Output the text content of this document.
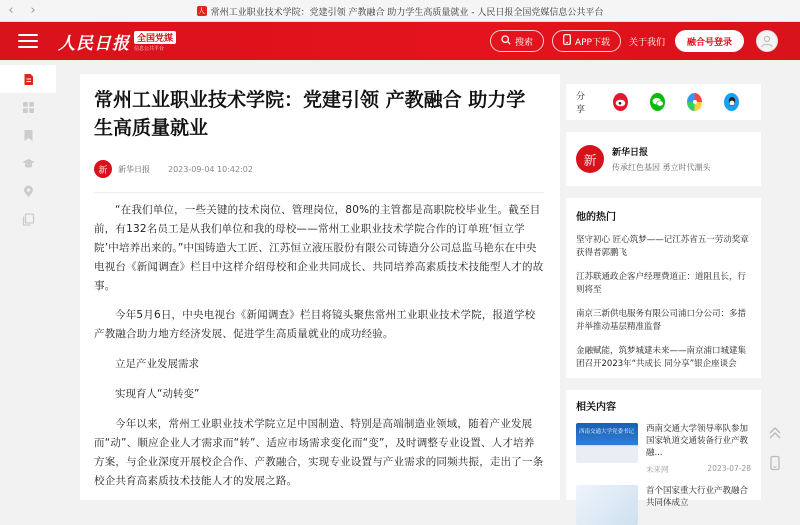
‹	›	人 常州工业职业技术学院：党建引领 产教融合 助力学生高质量就业 - 人民日报全国党媒信息公共平台
人民日报 全国党媒
信息公共平台
搜索	APP下载 关于我们	融合号登录
常州工业职业技术学院：党建引领 产教融合 助力学生高质量就业
新	新华日报 2023-09-04 10:42:02

“在我们单位，一些关键的技术岗位、管理岗位，80%的主管都是高职院校毕业生。截至目前，有132名员工是从我们单位和我的母校——常州工业职业技术学院合作的订单班‘恒立学院’中培养出来的。”中国铸造大工匠、江苏恒立液压股份有限公司铸造分公司总监马艳东在中央电视台《新闻调查》栏目中这样介绍母校和企业共同成长、共同培养高素质技术技能型人才的故事。

今年5月6日，中央电视台《新闻调查》栏目将镜头聚焦常州工业职业技术学院，报道学校产教融合助力地方经济发展、促进学生高质量就业的成功经验。

立足产业发展需求

实现育人“动转变”

今年以来，常州工业职业技术学院立足中国制造、特别是高端制造业领域，随着产业发展而“动”、顺应企业人才需求而“转”、适应市场需求变化而“变”，及时调整专业设置、人才培养方案，与企业深度开展校企合作、产教融合，实现专业设置与产业需求的同频共振，走出了一条校企共育高素质技术技能人才的发展之路。

分享
新
新华日报
传承红色基因 勇立时代潮头
他的热门
坚守初心 匠心筑梦——记江苏省五一劳动奖章获得者郭鹏飞
江苏联通政企客户经理费道正：道阻且长，行则将至
南京三新供电服务有限公司浦口分公司：多措并举推动基层精准监督
金融赋能，筑梦城建未来——南京浦口城建集团召开2023年“共成长 同分享”银企座谈会
相关内容
西南交通大学党委书记 西南交通大学领导率队参加国家轨道交通装备行业产教融...
未来网	2023-07-28
首个国家重大行业产教融合共同体成立
